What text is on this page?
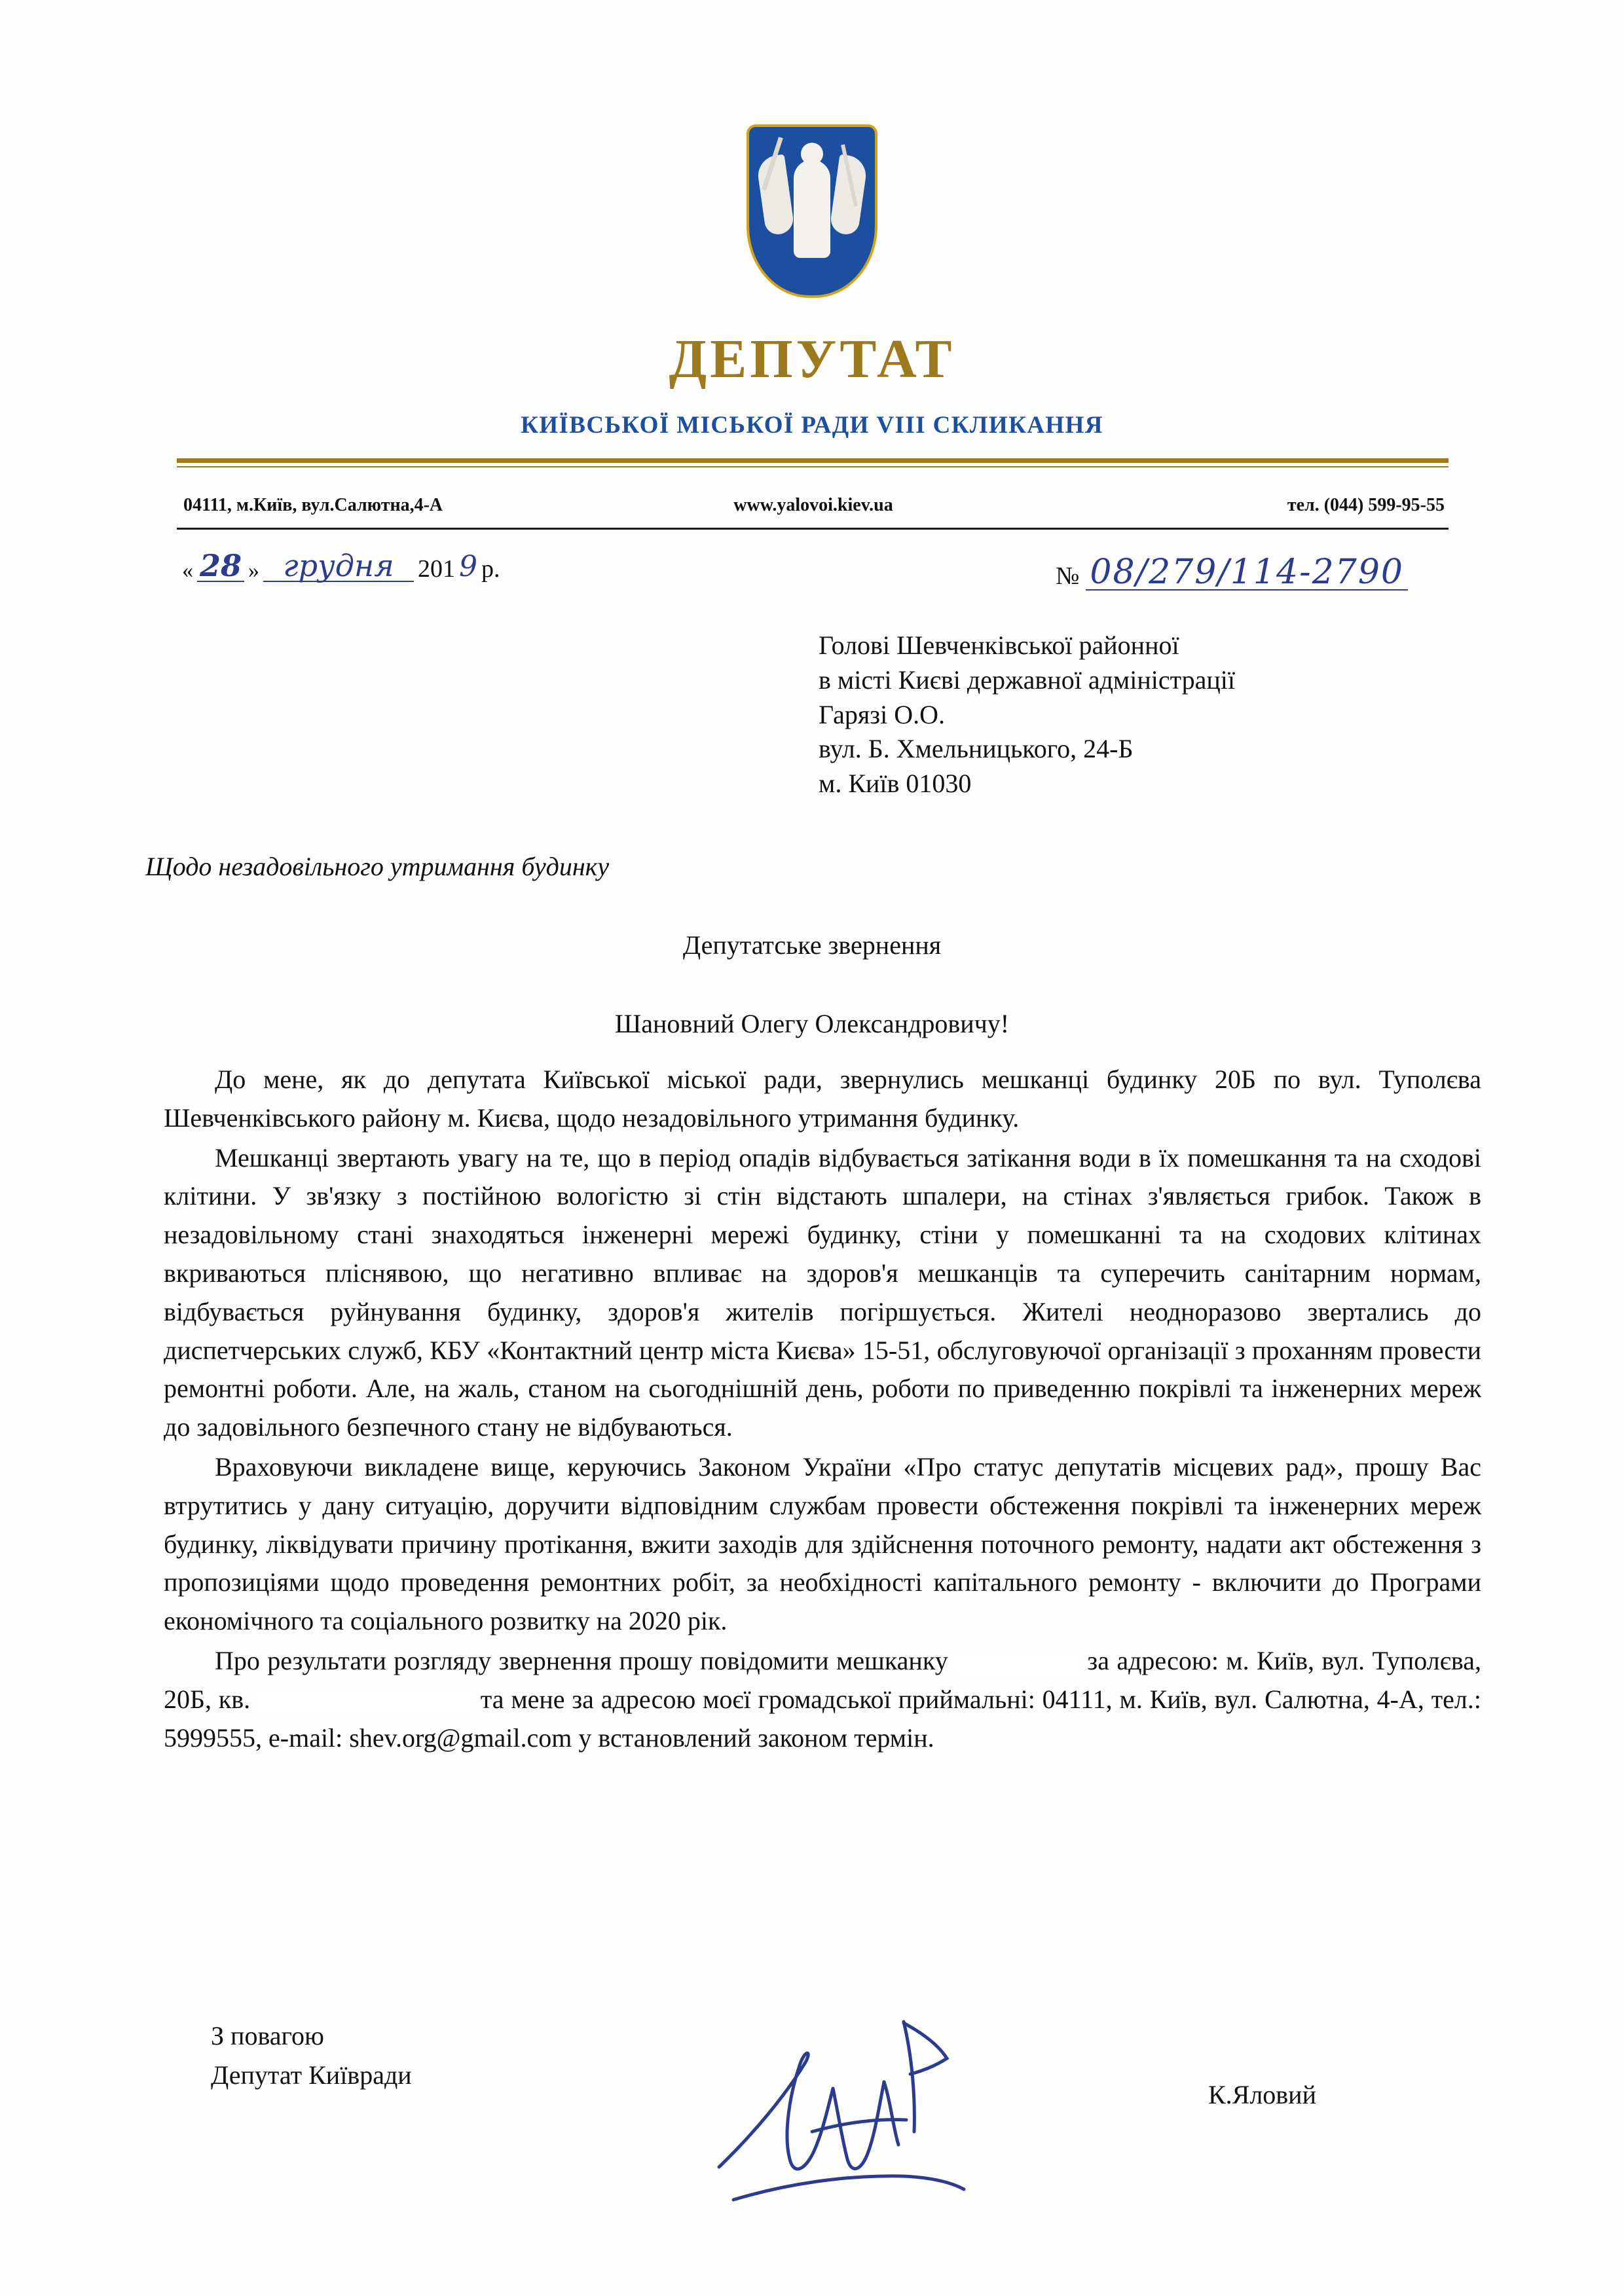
ДЕПУТАТ
КИЇВСЬКОЇ МІСЬКОЇ РАДИ VIII СКЛИКАННЯ
04111, м.Київ, вул.Салютна,4-А	www.yalovoi.kiev.ua	тел. (044) 599-95-55
« 28 » грудня 201 9 р.	№ 08/279/114-2790
Голові Шевченківської районної
в місті Києві державної адміністрації
Гарязі О.О.
вул. Б. Хмельницького, 24-Б
м. Київ 01030
Щодо незадовільного утримання будинку
Депутатське звернення
Шановний Олегу Олександровичу!

До мене, як до депутата Київської міської ради, звернулись мешканці будинку 20Б по вул. Туполєва Шевченківського району м. Києва, щодо незадовільного утримання будинку.

Мешканці звертають увагу на те, що в період опадів відбувається затікання води в їх помешкання та на сходові клітини. У зв'язку з постійною вологістю зі стін відстають шпалери, на стінах з'являється грибок. Також в незадовільному стані знаходяться інженерні мережі будинку, стіни у помешканні та на сходових клітинах вкриваються пліснявою, що негативно впливає на здоров'я мешканців та суперечить санітарним нормам, відбувається руйнування будинку, здоров'я жителів погіршується. Жителі неодноразово звертались до диспетчерських служб, КБУ «Контактний центр міста Києва» 15-51, обслуговуючої організації з проханням провести ремонтні роботи. Але, на жаль, станом на сьогоднішній день, роботи по приведенню покрівлі та інженерних мереж до задовільного безпечного стану не відбуваються.

Враховуючи викладене вище, керуючись Законом України «Про статус депутатів місцевих рад», прошу Вас втрутитись у дану ситуацію, доручити відповідним службам провести обстеження покрівлі та інженерних мереж будинку, ліквідувати причину протікання, вжити заходів для здійснення поточного ремонту, надати акт обстеження з пропозиціями щодо проведення ремонтних робіт, за необхідності капітального ремонту - включити до Програми економічного та соціального розвитку на 2020 рік.

Про результати розгляду звернення прошу повідомити мешканку	за адресою: м. Київ, вул. Туполєва, 20Б, кв.	та мене за адресою моєї громадської приймальні: 04111, м. Київ, вул. Салютна, 4-А, тел.: 5999555, e-mail: shev.org@gmail.com у встановлений законом термін.

З повагою
Депутат Київради
К.Яловий
